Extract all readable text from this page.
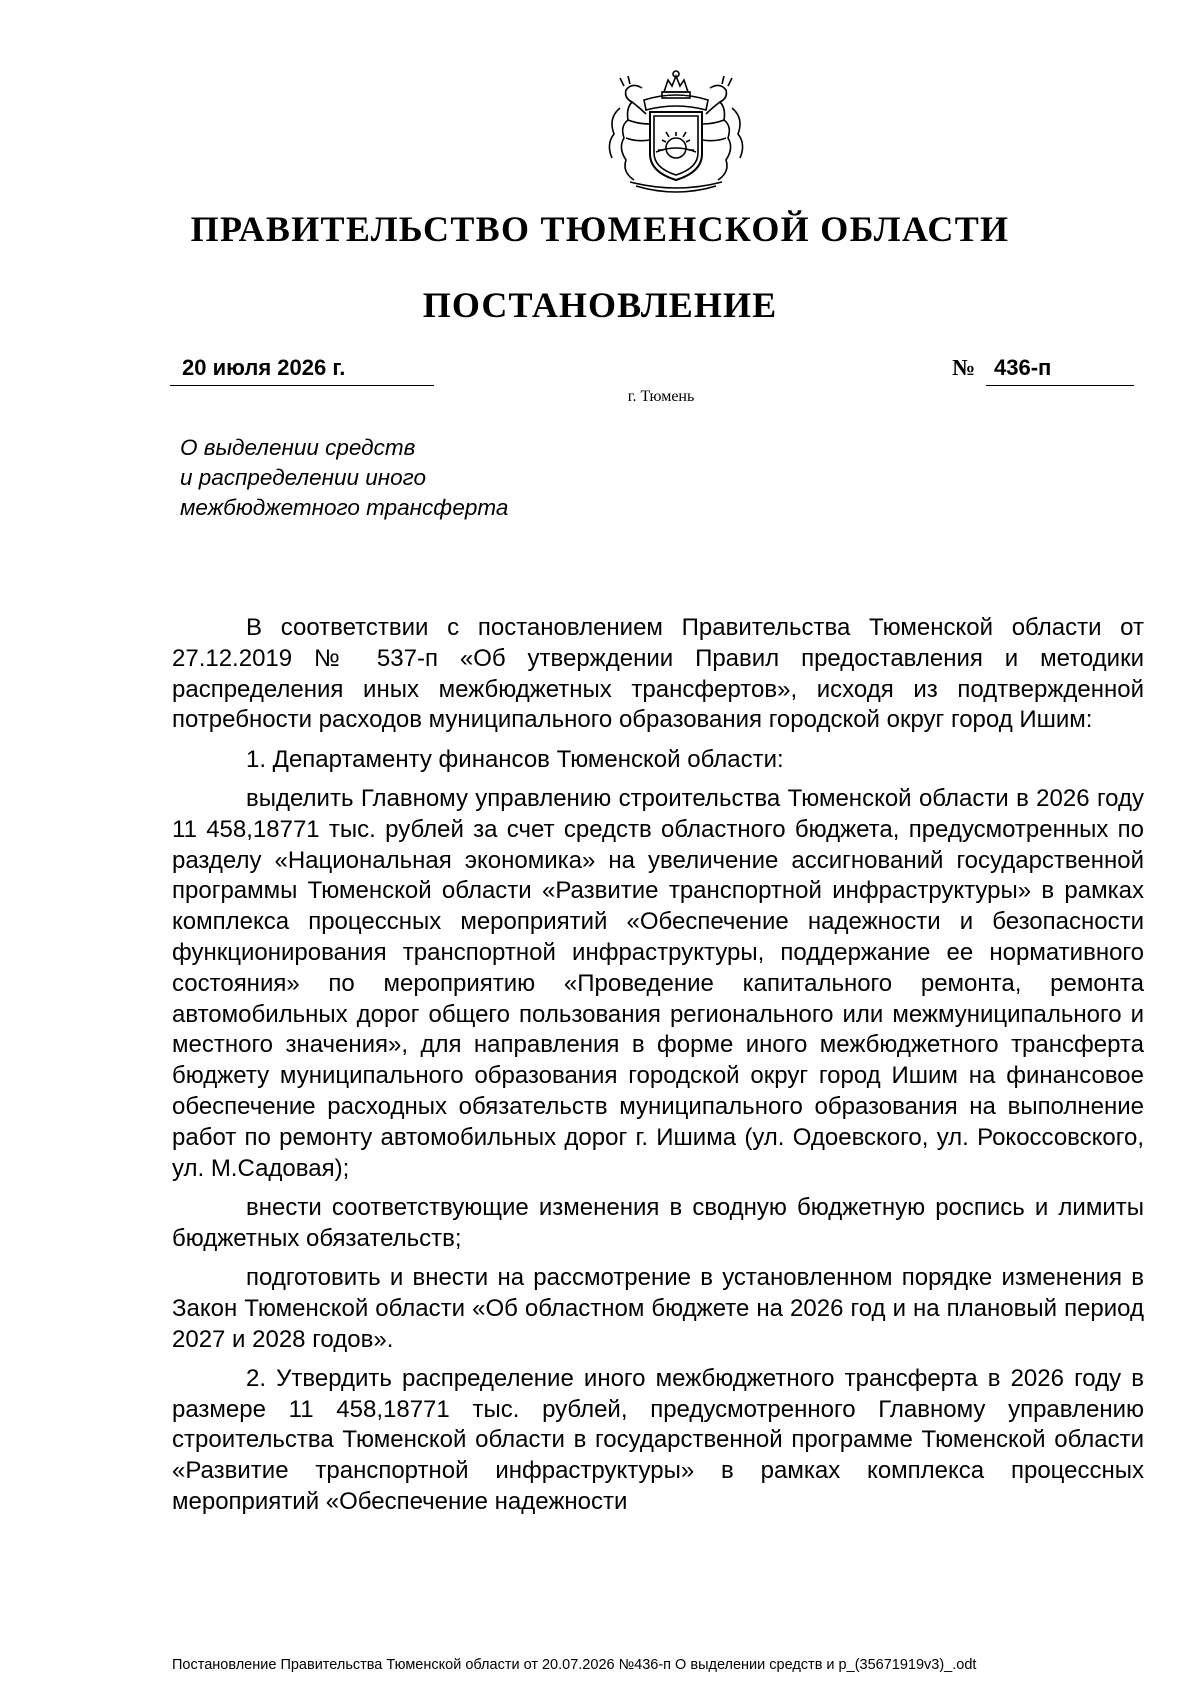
ПРАВИТЕЛЬСТВО ТЮМЕНСКОЙ ОБЛАСТИ
ПОСТАНОВЛЕНИЕ
20 июля 2026 г.	№ 436-п
г. Тюмень
О выделении средств
и распределении иного
межбюджетного трансферта

В соответствии с постановлением Правительства Тюменской области от 27.12.2019 № 537-п «Об утверждении Правил предоставления и методики распределения иных межбюджетных трансфертов», исходя из подтвержденной потребности расходов муниципального образования городской округ город Ишим:

1. Департаменту финансов Тюменской области:

выделить Главному управлению строительства Тюменской области в 2026 году 11 458,18771 тыс. рублей за счет средств областного бюджета, предусмотренных по разделу «Национальная экономика» на увеличение ассигнований государственной программы Тюменской области «Развитие транспортной инфраструктуры» в рамках комплекса процессных мероприятий «Обеспечение надежности и безопасности функционирования транспортной инфраструктуры, поддержание ее нормативного состояния» по мероприятию «Проведение капитального ремонта, ремонта автомобильных дорог общего пользования регионального или межмуниципального и местного значения», для направления в форме иного межбюджетного трансферта бюджету муниципального образования городской округ город Ишим на финансовое обеспечение расходных обязательств муниципального образования на выполнение работ по ремонту автомобильных дорог г. Ишима (ул. Одоевского, ул. Рокоссовского, ул. М.Садовая);

внести соответствующие изменения в сводную бюджетную роспись и лимиты бюджетных обязательств;

подготовить и внести на рассмотрение в установленном порядке изменения в Закон Тюменской области «Об областном бюджете на 2026 год и на плановый период 2027 и 2028 годов».

2. Утвердить распределение иного межбюджетного трансферта в 2026 году в размере 11 458,18771 тыс. рублей, предусмотренного Главному управлению строительства Тюменской области в государственной программе Тюменской области «Развитие транспортной инфраструктуры» в рамках комплекса процессных мероприятий «Обеспечение надежности

Постановление Правительства Тюменской области от 20.07.2026 №436-п О выделении средств и р_(35671919v3)_.odt
